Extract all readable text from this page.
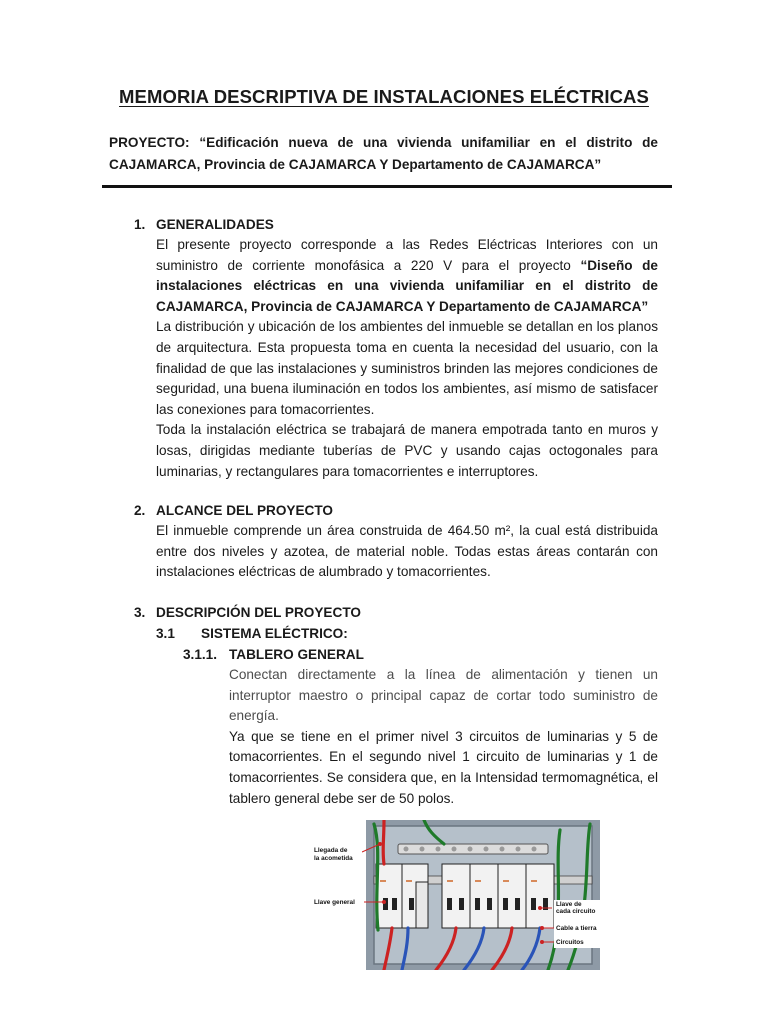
MEMORIA DESCRIPTIVA DE INSTALACIONES ELÉCTRICAS
PROYECTO: “Edificación nueva de una vivienda unifamiliar en el distrito de CAJAMARCA, Provincia de CAJAMARCA Y Departamento de CAJAMARCA”
1. GENERALIDADES
El presente proyecto corresponde a las Redes Eléctricas Interiores con un suministro de corriente monofásica a 220 V para el proyecto “Diseño de instalaciones eléctricas en una vivienda unifamiliar en el distrito de CAJAMARCA, Provincia de CAJAMARCA Y Departamento de CAJAMARCA”
La distribución y ubicación de los ambientes del inmueble se detallan en los planos de arquitectura. Esta propuesta toma en cuenta la necesidad del usuario, con la finalidad de que las instalaciones y suministros brinden las mejores condiciones de seguridad, una buena iluminación en todos los ambientes, así mismo de satisfacer las conexiones para tomacorrientes.
Toda la instalación eléctrica se trabajará de manera empotrada tanto en muros y losas, dirigidas mediante tuberías de PVC y usando cajas octogonales para luminarias, y rectangulares para tomacorrientes e interruptores.
2. ALCANCE DEL PROYECTO
El inmueble comprende un área construida de 464.50 m², la cual está distribuida entre dos niveles y azotea, de material noble. Todas estas áreas contarán con instalaciones eléctricas de alumbrado y tomacorrientes.
3. DESCRIPCIÓN DEL PROYECTO
3.1 SISTEMA ELÉCTRICO:
3.1.1. TABLERO GENERAL
Conectan directamente a la línea de alimentación y tienen un interruptor maestro o principal capaz de cortar todo suministro de energía.
Ya que se tiene en el primer nivel 3 circuitos de luminarias y 5 de tomacorrientes. En el segundo nivel 1 circuito de luminarias y 1 de tomacorrientes. Se considera que, en la Intensidad termomagnética, el tablero general debe ser de 50 polos.
Llegada de
la acometida
Llave general	Llave de
cada circuito
Cable a tierra
Circuitos
